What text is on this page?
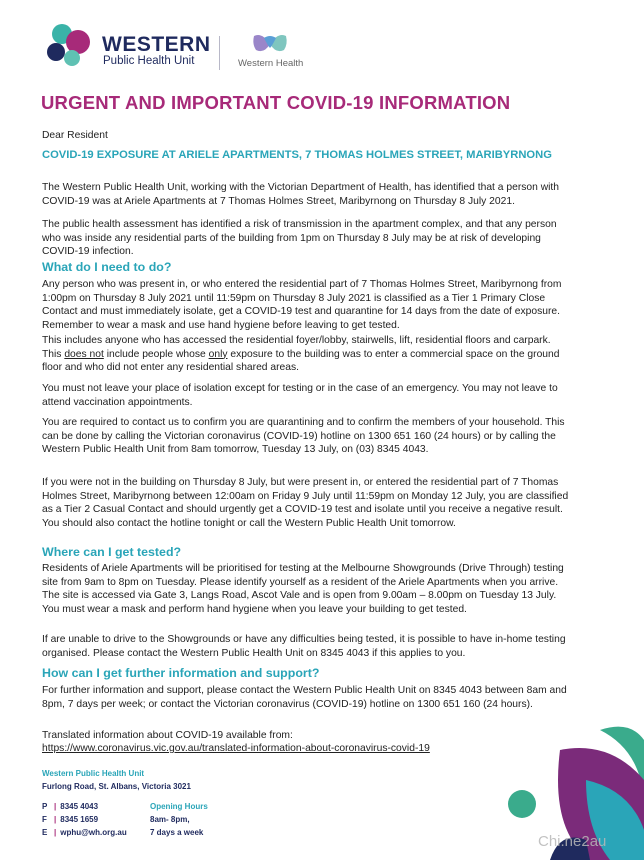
WESTERN
Public Health Unit	Western Health
URGENT AND IMPORTANT COVID-19 INFORMATION
Dear Resident
COVID-19 EXPOSURE AT ARIELE APARTMENTS, 7 THOMAS HOLMES STREET, MARIBYRNONG
The Western Public Health Unit, working with the Victorian Department of Health, has identified that a person with COVID-19 was at Ariele Apartments at 7 Thomas Holmes Street, Maribyrnong on Thursday 8 July 2021.
The public health assessment has identified a risk of transmission in the apartment complex, and that any person who was inside any residential parts of the building from 1pm on Thursday 8 July may be at risk of developing COVID-19 infection.
What do I need to do?
Any person who was present in, or who entered the residential part of 7 Thomas Holmes Street, Maribyrnong from 1:00pm on Thursday 8 July 2021 until 11:59pm on Thursday 8 July 2021 is classified as a Tier 1 Primary Close Contact and must immediately isolate, get a COVID-19 test and quarantine for 14 days from the date of exposure. Remember to wear a mask and use hand hygiene before leaving to get tested.
This includes anyone who has accessed the residential foyer/lobby, stairwells, lift, residential floors and carpark. This does not include people whose only exposure to the building was to enter a commercial space on the ground floor and who did not enter any residential shared areas.
You must not leave your place of isolation except for testing or in the case of an emergency. You may not leave to attend vaccination appointments.
You are required to contact us to confirm you are quarantining and to confirm the members of your household. This can be done by calling the Victorian coronavirus (COVID-19) hotline on 1300 651 160 (24 hours) or by calling the Western Public Health Unit from 8am tomorrow, Tuesday 13 July, on (03) 8345 4043.
If you were not in the building on Thursday 8 July, but were present in, or entered the residential part of 7 Thomas Holmes Street, Maribyrnong between 12:00am on Friday 9 July until 11:59pm on Monday 12 July, you are classified as a Tier 2 Casual Contact and should urgently get a COVID-19 test and isolate until you receive a negative result. You should also contact the hotline tonight or call the Western Public Health Unit tomorrow.
Where can I get tested?
Residents of Ariele Apartments will be prioritised for testing at the Melbourne Showgrounds (Drive Through) testing site from 9am to 8pm on Tuesday. Please identify yourself as a resident of the Ariele Apartments when you arrive. The site is accessed via Gate 3, Langs Road, Ascot Vale and is open from 9.00am – 8.00pm on Tuesday 13 July. You must wear a mask and perform hand hygiene when you leave your building to get tested.
If are unable to drive to the Showgrounds or have any difficulties being tested, it is possible to have in-home testing organised. Please contact the Western Public Health Unit on 8345 4043 if this applies to you.
How can I get further information and support?
For further information and support, please contact the Western Public Health Unit on 8345 4043 between 8am and 8pm, 7 days per week; or contact the Victorian coronavirus (COVID-19) hotline on 1300 651 160 (24 hours).
Translated information about COVID-19 available from:
https://www.coronavirus.vic.gov.au/translated-information-about-coronavirus-covid-19
Western Public Health Unit
Furlong Road, St. Albans, Victoria 3021
P | 8345 4043
F | 8345 1659
E | wphu@wh.org.au
Opening Hours
8am- 8pm,
7 days a week
Chi.ne2au
